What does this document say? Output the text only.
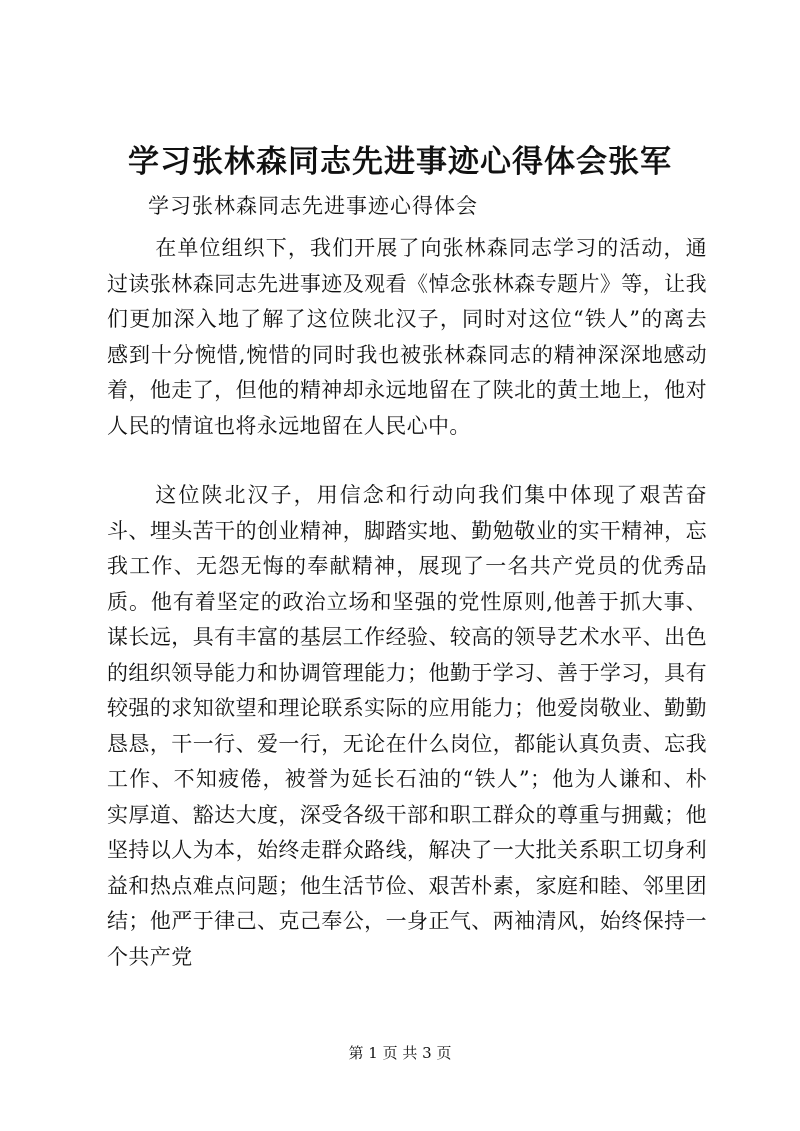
学习张林森同志先进事迹心得体会张军

学习张林森同志先进事迹心得体会

在单位组织下，我们开展了向张林森同志学习的活动，通过读张林森同志先进事迹及观看《悼念张林森专题片》等，让我们更加深入地了解了这位陕北汉子，同时对这位“铁人”的离去感到十分惋惜,惋惜的同时我也被张林森同志的精神深深地感动着，他走了，但他的精神却永远地留在了陕北的黄土地上，他对人民的情谊也将永远地留在人民心中。

这位陕北汉子，用信念和行动向我们集中体现了艰苦奋斗、埋头苦干的创业精神，脚踏实地、勤勉敬业的实干精神，忘我工作、无怨无悔的奉献精神，展现了一名共产党员的优秀品质。他有着坚定的政治立场和坚强的党性原则,他善于抓大事、谋长远，具有丰富的基层工作经验、较高的领导艺术水平、出色的组织领导能力和协调管理能力；他勤于学习、善于学习，具有较强的求知欲望和理论联系实际的应用能力；他爱岗敬业、勤勤恳恳，干一行、爱一行，无论在什么岗位，都能认真负责、忘我工作、不知疲倦，被誉为延长石油的“铁人”；他为人谦和、朴实厚道、豁达大度，深受各级干部和职工群众的尊重与拥戴；他坚持以人为本，始终走群众路线，解决了一大批关系职工切身利益和热点难点问题；他生活节俭、艰苦朴素，家庭和睦、邻里团结；他严于律己、克己奉公，一身正气、两袖清风，始终保持一个共产党

第 1 页 共 3 页
